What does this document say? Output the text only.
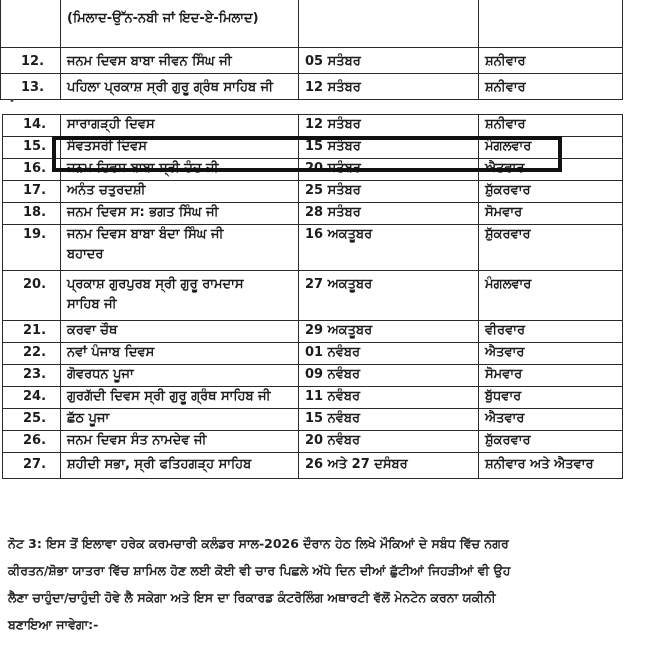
	(ਮਿਲਾਦ-ਉੱਨ-ਨਬੀ ਜਾਂ ਇਦ-ਏ-ਮਿਲਾਦ)		
12.	ਜਨਮ ਦਿਵਸ ਬਾਬਾ ਜੀਵਨ ਸਿੰਘ ਜੀ	05 ਸਤੰਬਰ	ਸ਼ਨੀਵਾਰ
13.	ਪਹਿਲਾ ਪ੍ਰਕਾਸ਼ ਸ੍ਰੀ ਗੁਰੂ ਗ੍ਰੰਥ ਸਾਹਿਬ ਜੀ	12 ਸਤੰਬਰ	ਸ਼ਨੀਵਾਰ
•
14.	ਸਾਰਾਗੜ੍ਹੀ ਦਿਵਸ	12 ਸਤੰਬਰ	ਸ਼ਨੀਵਾਰ
15.	ਸੰਵਤਸਰੀ ਦਿਵਸ	15 ਸਤੰਬਰ	ਮੰਗਲਵਾਰ
16.	ਜਨਮ ਦਿਵਸ ਬਾਬਾ ਸ੍ਰੀ ਚੰਦ ਜੀ	20 ਸਤੰਬਰ	ਐਤਵਾਰ
17.	ਅਨੰਤ ਚਤੁਰਦਸ਼ੀ	25 ਸਤੰਬਰ	ਸ਼ੁੱਕਰਵਾਰ
18.	ਜਨਮ ਦਿਵਸ ਸ: ਭਗਤ ਸਿੰਘ ਜੀ	28 ਸਤੰਬਰ	ਸੋਮਵਾਰ
19.	ਜਨਮ ਦਿਵਸ ਬਾਬਾ ਬੰਦਾ ਸਿੰਘ ਜੀ ਬਹਾਦਰ	16 ਅਕਤੂਬਰ	ਸ਼ੁੱਕਰਵਾਰ
20.	ਪ੍ਰਕਾਸ਼ ਗੁਰਪੁਰਬ ਸ੍ਰੀ ਗੁਰੂ ਰਾਮਦਾਸ ਸਾਹਿਬ ਜੀ	27 ਅਕਤੂਬਰ	ਮੰਗਲਵਾਰ
21.	ਕਰਵਾ ਚੌਥ	29 ਅਕਤੂਬਰ	ਵੀਰਵਾਰ
22.	ਨਵਾਂ ਪੰਜਾਬ ਦਿਵਸ	01 ਨਵੰਬਰ	ਐਤਵਾਰ
23.	ਗੋਵਰਧਨ ਪੂਜਾ	09 ਨਵੰਬਰ	ਸੋਮਵਾਰ
24.	ਗੁਰਗੱਦੀ ਦਿਵਸ ਸ੍ਰੀ ਗੁਰੂ ਗ੍ਰੰਥ ਸਾਹਿਬ ਜੀ	11 ਨਵੰਬਰ	ਬੁੱਧਵਾਰ
25.	ਛੱਠ ਪੂਜਾ	15 ਨਵੰਬਰ	ਐਤਵਾਰ
26.	ਜਨਮ ਦਿਵਸ ਸੰਤ ਨਾਮਦੇਵ ਜੀ	20 ਨਵੰਬਰ	ਸ਼ੁੱਕਰਵਾਰ
27.	ਸ਼ਹੀਦੀ ਸਭਾ, ਸ੍ਰੀ ਫਤਿਹਗੜ੍ਹ ਸਾਹਿਬ	26 ਅਤੇ 27 ਦਸੰਬਰ	ਸ਼ਨੀਵਾਰ ਅਤੇ ਐਤਵਾਰ

ਨੋਟ 3: ਇਸ ਤੋਂ ਇਲਾਵਾ ਹਰੇਕ ਕਰਮਚਾਰੀ ਕਲੰਡਰ ਸਾਲ-2026 ਦੌਰਾਨ ਹੇਠ ਲਿਖੇ ਮੌਕਿਆਂ ਦੇ ਸਬੰਧ ਵਿੱਚ ਨਗਰ

ਕੀਰਤਨ/ਸ਼ੋਭਾ ਯਾਤਰਾ ਵਿੱਚ ਸ਼ਾਮਿਲ ਹੋਣ ਲਈ ਕੋਈ ਵੀ ਚਾਰ ਪਿਛਲੇ ਅੱਧੇ ਦਿਨ ਦੀਆਂ ਛੁੱਟੀਆਂ ਜਿਹੜੀਆਂ ਵੀ ਉਹ

ਲੈਣਾ ਚਾਹੁੰਦਾ/ਚਾਹੁੰਦੀ ਹੋਵੇ ਲੈ ਸਕੇਗਾ ਅਤੇ ਇਸ ਦਾ ਰਿਕਾਰਡ ਕੰਟਰੋਲਿੰਗ ਅਥਾਰਟੀ ਵੱਲੋਂ ਮੇਨਟੇਨ ਕਰਨਾ ਯਕੀਨੀ

ਬਣਾਇਆ ਜਾਵੇਗਾ:-
